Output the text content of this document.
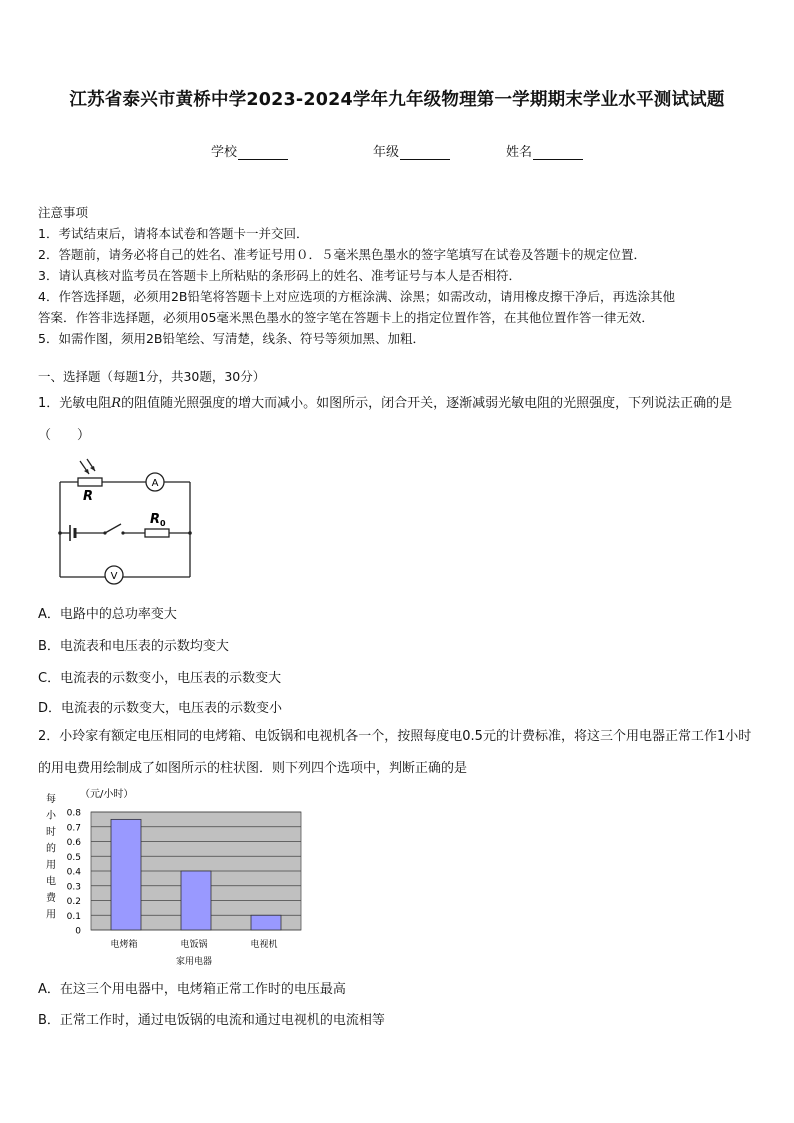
江苏省泰兴市黄桥中学2023-2024学年九年级物理第一学期期末学业水平测试试题
学校	年级	姓名
注意事项
1．考试结束后，请将本试卷和答题卡一并交回．
2．答题前，请务必将自己的姓名、准考证号用０．５毫米黑色墨水的签字笔填写在试卷及答题卡的规定位置．
3．请认真核对监考员在答题卡上所粘贴的条形码上的姓名、准考证号与本人是否相符．
4．作答选择题，必须用2B铅笔将答题卡上对应选项的方框涂满、涂黑；如需改动，请用橡皮擦干净后，再选涂其他
答案．作答非选择题，必须用05毫米黑色墨水的签字笔在答题卡上的指定位置作答，在其他位置作答一律无效．
5．如需作图，须用2B铅笔绘、写清楚，线条、符号等须加黑、加粗．
一、选择题（每题1分，共30题，30分）
1．光敏电阻R的阻值随光照强度的增大而减小。如图所示，闭合开关，逐渐减弱光敏电阻的光照强度，下列说法正确的是（　　）
R
$R_0$
A
V
A．电路中的总功率变大
B．电流表和电压表的示数均变大
C．电流表的示数变小，电压表的示数变大
D．电流表的示数变大，电压表的示数变小
2．小玲家有额定电压相同的电烤箱、电饭锅和电视机各一个，按照每度电0.5元的计费标准，将这三个用电器正常工作1小时的用电费用绘制成了如图所示的柱状图．则下列四个选项中，判断正确的是
（元/小时）
每
小
时
的
用
电
费
用
0
0.1
0.2
0.3
0.4
0.5
0.6
0.7
0.8
电烤箱	电饭锅	电视机
家用电器
A．在这三个用电器中，电烤箱正常工作时的电压最高
B．正常工作时，通过电饭锅的电流和通过电视机的电流相等
